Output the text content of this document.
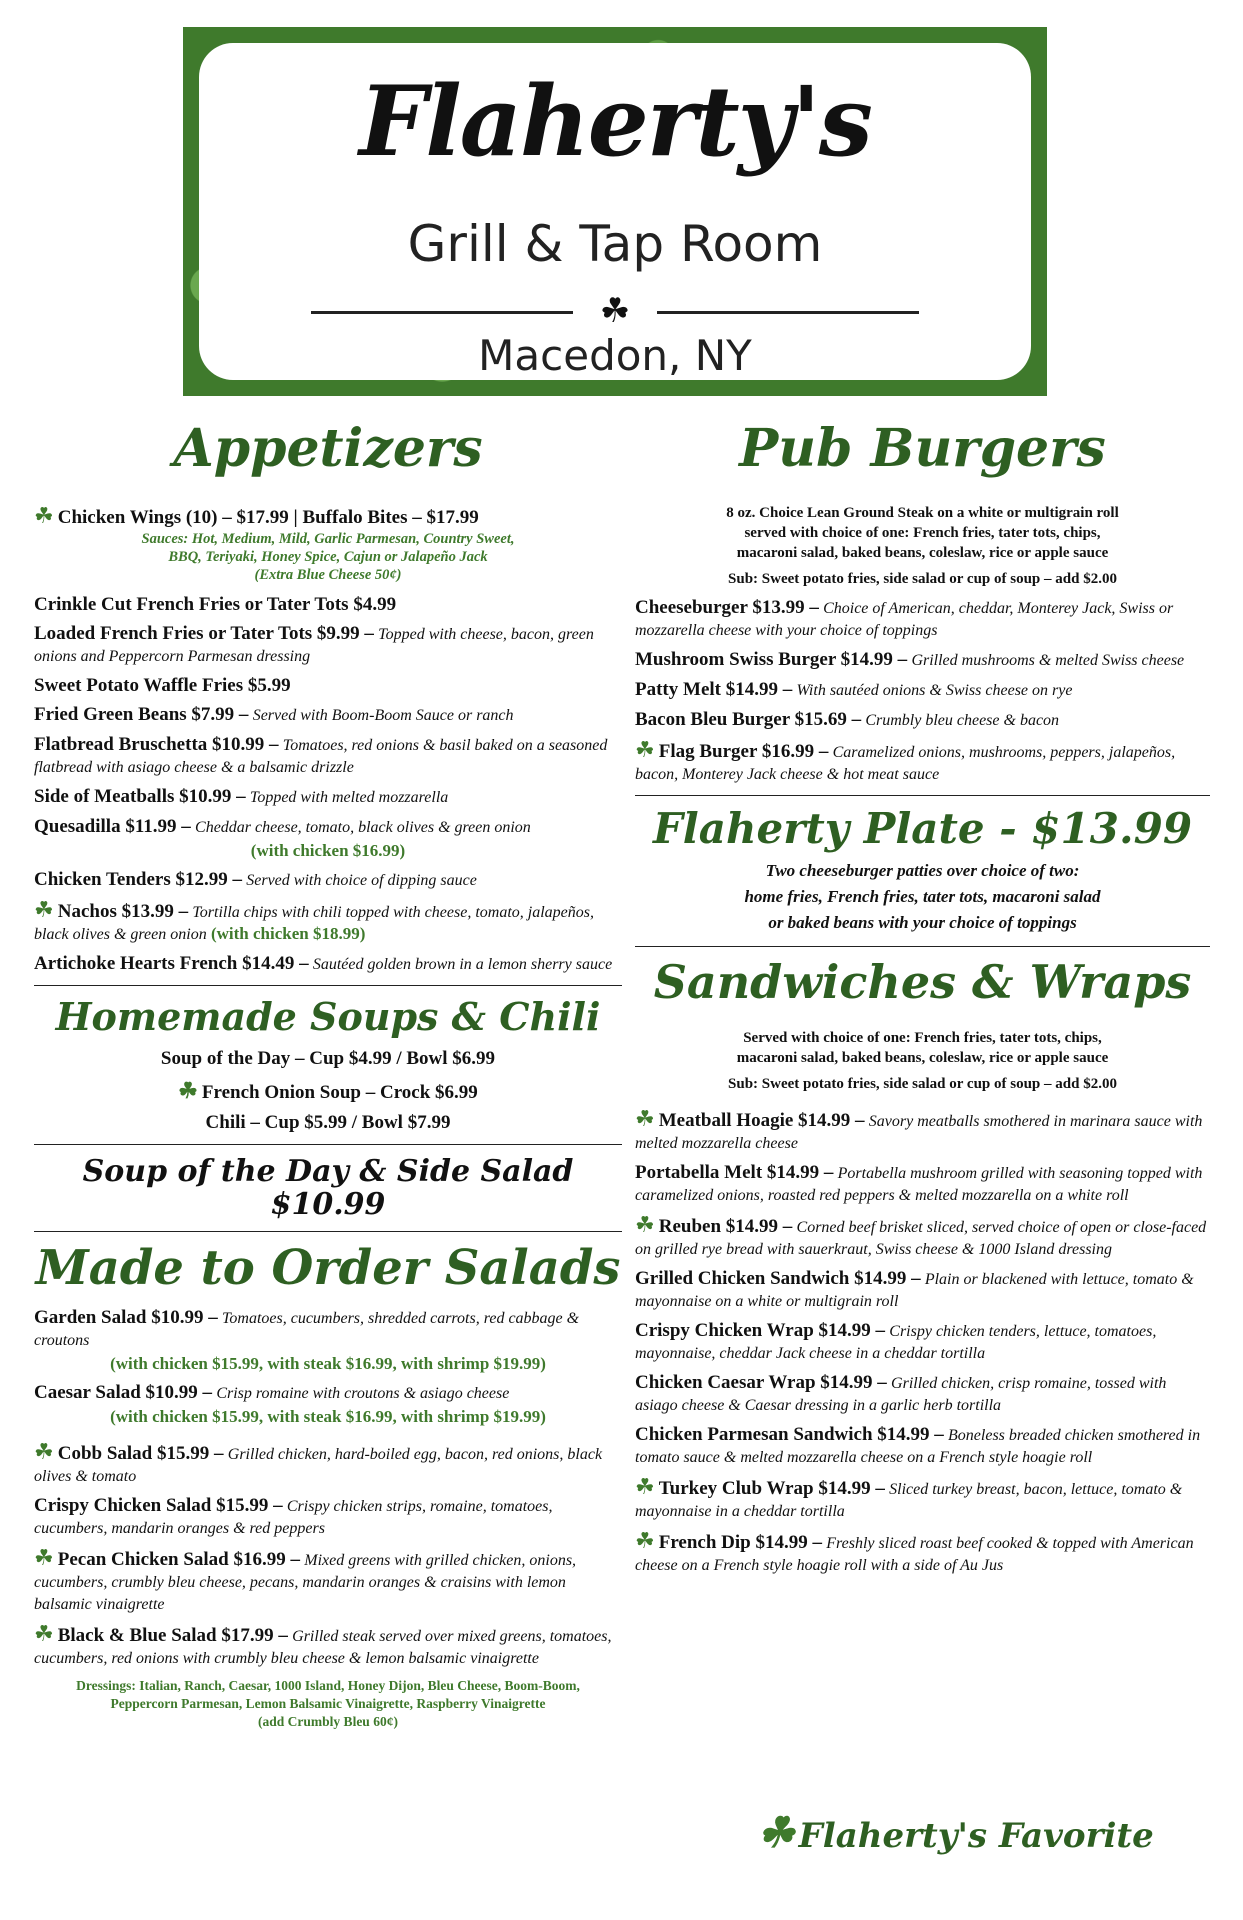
Flaherty's
Grill & Tap Room
☘
Macedon, NY
Appetizers

☘ Chicken Wings (10) – $17.99 | Buffalo Bites – $17.99

Sauces: Hot, Medium, Mild, Garlic Parmesan, Country Sweet,
BBQ, Teriyaki, Honey Spice, Cajun or Jalapeño Jack
(Extra Blue Cheese 50¢)

Crinkle Cut French Fries or Tater Tots $4.99

Loaded French Fries or Tater Tots $9.99 – Topped with cheese, bacon, green onions and Peppercorn Parmesan dressing

Sweet Potato Waffle Fries $5.99

Fried Green Beans $7.99 – Served with Boom-Boom Sauce or ranch

Flatbread Bruschetta $10.99 – Tomatoes, red onions & basil baked on a seasoned flatbread with asiago cheese & a balsamic drizzle

Side of Meatballs $10.99 – Topped with melted mozzarella

Quesadilla $11.99 – Cheddar cheese, tomato, black olives & green onion

(with chicken $16.99)

Chicken Tenders $12.99 – Served with choice of dipping sauce

☘ Nachos $13.99 – Tortilla chips with chili topped with cheese, tomato, jalapeños, black olives & green onion (with chicken $18.99)

Artichoke Hearts French $14.49 – Sautéed golden brown in a lemon sherry sauce

Homemade Soups & Chili

Soup of the Day – Cup $4.99 / Bowl $6.99

☘ French Onion Soup – Crock $6.99

Chili – Cup $5.99 / Bowl $7.99

Soup of the Day & Side Salad $10.99
Made to Order Salads

Garden Salad $10.99 – Tomatoes, cucumbers, shredded carrots, red cabbage & croutons

(with chicken $15.99, with steak $16.99, with shrimp $19.99)

Caesar Salad $10.99 – Crisp romaine with croutons & asiago cheese

(with chicken $15.99, with steak $16.99, with shrimp $19.99)

☘ Cobb Salad $15.99 – Grilled chicken, hard-boiled egg, bacon, red onions, black olives & tomato

Crispy Chicken Salad $15.99 – Crispy chicken strips, romaine, tomatoes, cucumbers, mandarin oranges & red peppers

☘ Pecan Chicken Salad $16.99 – Mixed greens with grilled chicken, onions, cucumbers, crumbly bleu cheese, pecans, mandarin oranges & craisins with lemon balsamic vinaigrette

☘ Black & Blue Salad $17.99 – Grilled steak served over mixed greens, tomatoes, cucumbers, red onions with crumbly bleu cheese & lemon balsamic vinaigrette

Dressings: Italian, Ranch, Caesar, 1000 Island, Honey Dijon, Bleu Cheese, Boom-Boom,
Peppercorn Parmesan, Lemon Balsamic Vinaigrette, Raspberry Vinaigrette
(add Crumbly Bleu 60¢)
Pub Burgers

8 oz. Choice Lean Ground Steak on a white or multigrain roll

served with choice of one: French fries, tater tots, chips,

macaroni salad, baked beans, coleslaw, rice or apple sauce

Sub: Sweet potato fries, side salad or cup of soup – add $2.00

Cheeseburger $13.99 – Choice of American, cheddar, Monterey Jack, Swiss or mozzarella cheese with your choice of toppings

Mushroom Swiss Burger $14.99 – Grilled mushrooms & melted Swiss cheese

Patty Melt $14.99 – With sautéed onions & Swiss cheese on rye

Bacon Bleu Burger $15.69 – Crumbly bleu cheese & bacon

☘ Flag Burger $16.99 – Caramelized onions, mushrooms, peppers, jalapeños, bacon, Monterey Jack cheese & hot meat sauce

Flaherty Plate - $13.99
Two cheeseburger patties over choice of two:
home fries, French fries, tater tots, macaroni salad
or baked beans with your choice of toppings
Sandwiches & Wraps

Served with choice of one: French fries, tater tots, chips,

macaroni salad, baked beans, coleslaw, rice or apple sauce

Sub: Sweet potato fries, side salad or cup of soup – add $2.00

☘ Meatball Hoagie $14.99 – Savory meatballs smothered in marinara sauce with melted mozzarella cheese

Portabella Melt $14.99 – Portabella mushroom grilled with seasoning topped with caramelized onions, roasted red peppers & melted mozzarella on a white roll

☘ Reuben $14.99 – Corned beef brisket sliced, served choice of open or close-faced on grilled rye bread with sauerkraut, Swiss cheese & 1000 Island dressing

Grilled Chicken Sandwich $14.99 – Plain or blackened with lettuce, tomato & mayonnaise on a white or multigrain roll

Crispy Chicken Wrap $14.99 – Crispy chicken tenders, lettuce, tomatoes, mayonnaise, cheddar Jack cheese in a cheddar tortilla

Chicken Caesar Wrap $14.99 – Grilled chicken, crisp romaine, tossed with asiago cheese & Caesar dressing in a garlic herb tortilla

Chicken Parmesan Sandwich $14.99 – Boneless breaded chicken smothered in tomato sauce & melted mozzarella cheese on a French style hoagie roll

☘ Turkey Club Wrap $14.99 – Sliced turkey breast, bacon, lettuce, tomato & mayonnaise in a cheddar tortilla

☘ French Dip $14.99 – Freshly sliced roast beef cooked & topped with American cheese on a French style hoagie roll with a side of Au Jus

☘ Flaherty's Favorite
